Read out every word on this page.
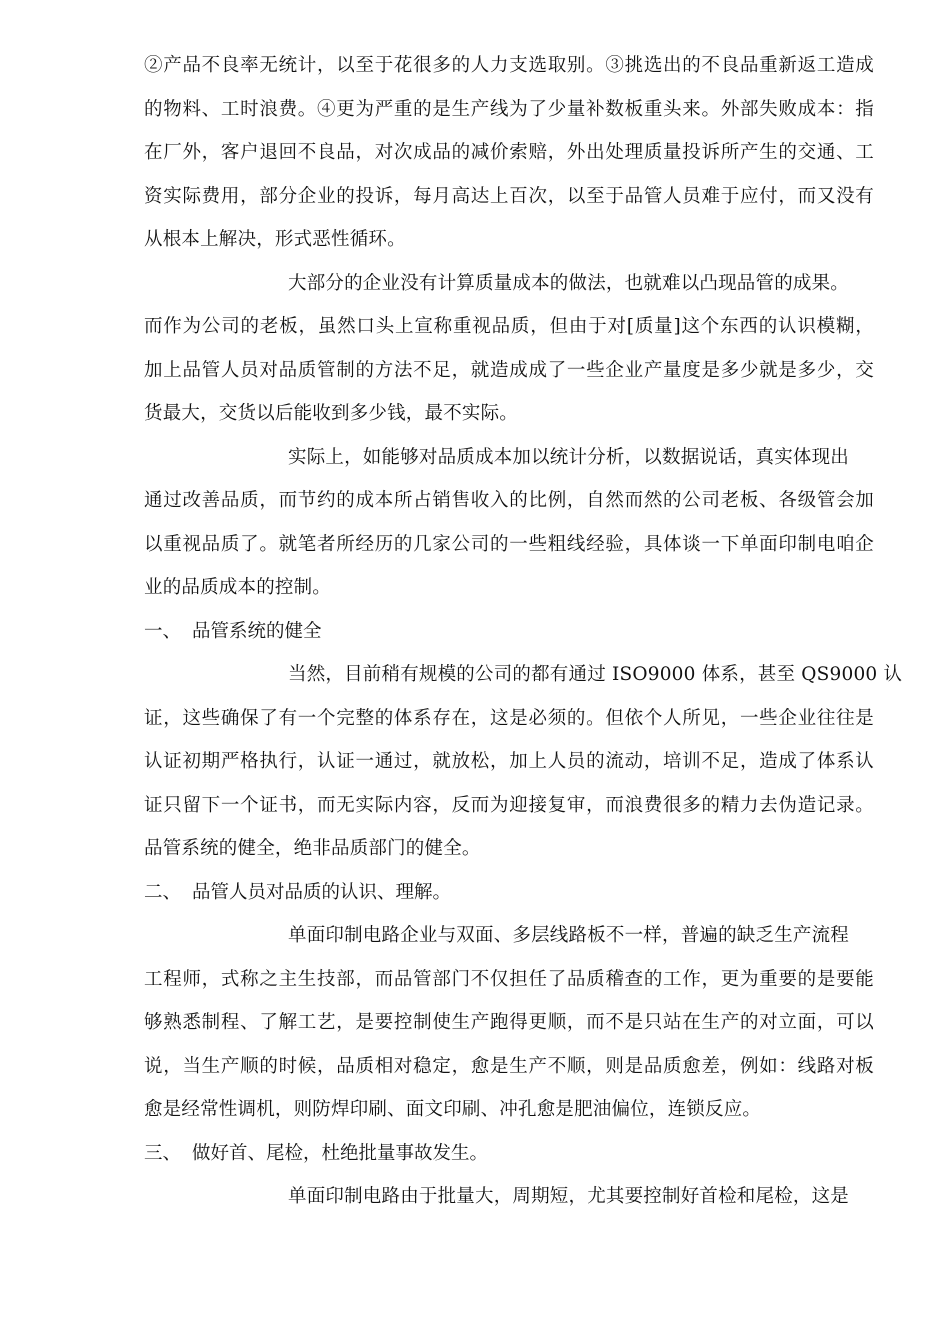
②产品不良率无统计，以至于花很多的人力支选取别。③挑选出的不良品重新返工造成
的物料、工时浪费。④更为严重的是生产线为了少量补数板重头来。外部失败成本：指
在厂外，客户退回不良品，对次成品的减价索赔，外出处理质量投诉所产生的交通、工
资实际费用，部分企业的投诉，每月高达上百次，以至于品管人员难于应付，而又没有
从根本上解决，形式恶性循环。
大部分的企业没有计算质量成本的做法，也就难以凸现品管的成果。
而作为公司的老板，虽然口头上宣称重视品质，但由于对[质量]这个东西的认识模糊，
加上品管人员对品质管制的方法不足，就造成成了一些企业产量度是多少就是多少，交
货最大，交货以后能收到多少钱，最不实际。
实际上，如能够对品质成本加以统计分析，以数据说话，真实体现出
通过改善品质，而节约的成本所占销售收入的比例，自然而然的公司老板、各级管会加
以重视品质了。就笔者所经历的几家公司的一些粗线经验，具体谈一下单面印制电咱企
业的品质成本的控制。
一、 品管系统的健全
当然，目前稍有规模的公司的都有通过 ISO9000 体系，甚至 QS9000 认
证，这些确保了有一个完整的体系存在，这是必须的。但依个人所见，一些企业往往是
认证初期严格执行，认证一通过，就放松，加上人员的流动，培训不足，造成了体系认
证只留下一个证书，而无实际内容，反而为迎接复审，而浪费很多的精力去伪造记录。
品管系统的健全，绝非品质部门的健全。
二、 品管人员对品质的认识、理解。
单面印制电路企业与双面、多层线路板不一样，普遍的缺乏生产流程
工程师，式称之主生技部，而品管部门不仅担任了品质稽查的工作，更为重要的是要能
够熟悉制程、了解工艺，是要控制使生产跑得更顺，而不是只站在生产的对立面，可以
说，当生产顺的时候，品质相对稳定，愈是生产不顺，则是品质愈差，例如：线路对板
愈是经常性调机，则防焊印刷、面文印刷、冲孔愈是肥油偏位，连锁反应。
三、 做好首、尾检，杜绝批量事故发生。
单面印制电路由于批量大，周期短，尤其要控制好首检和尾检，这是
